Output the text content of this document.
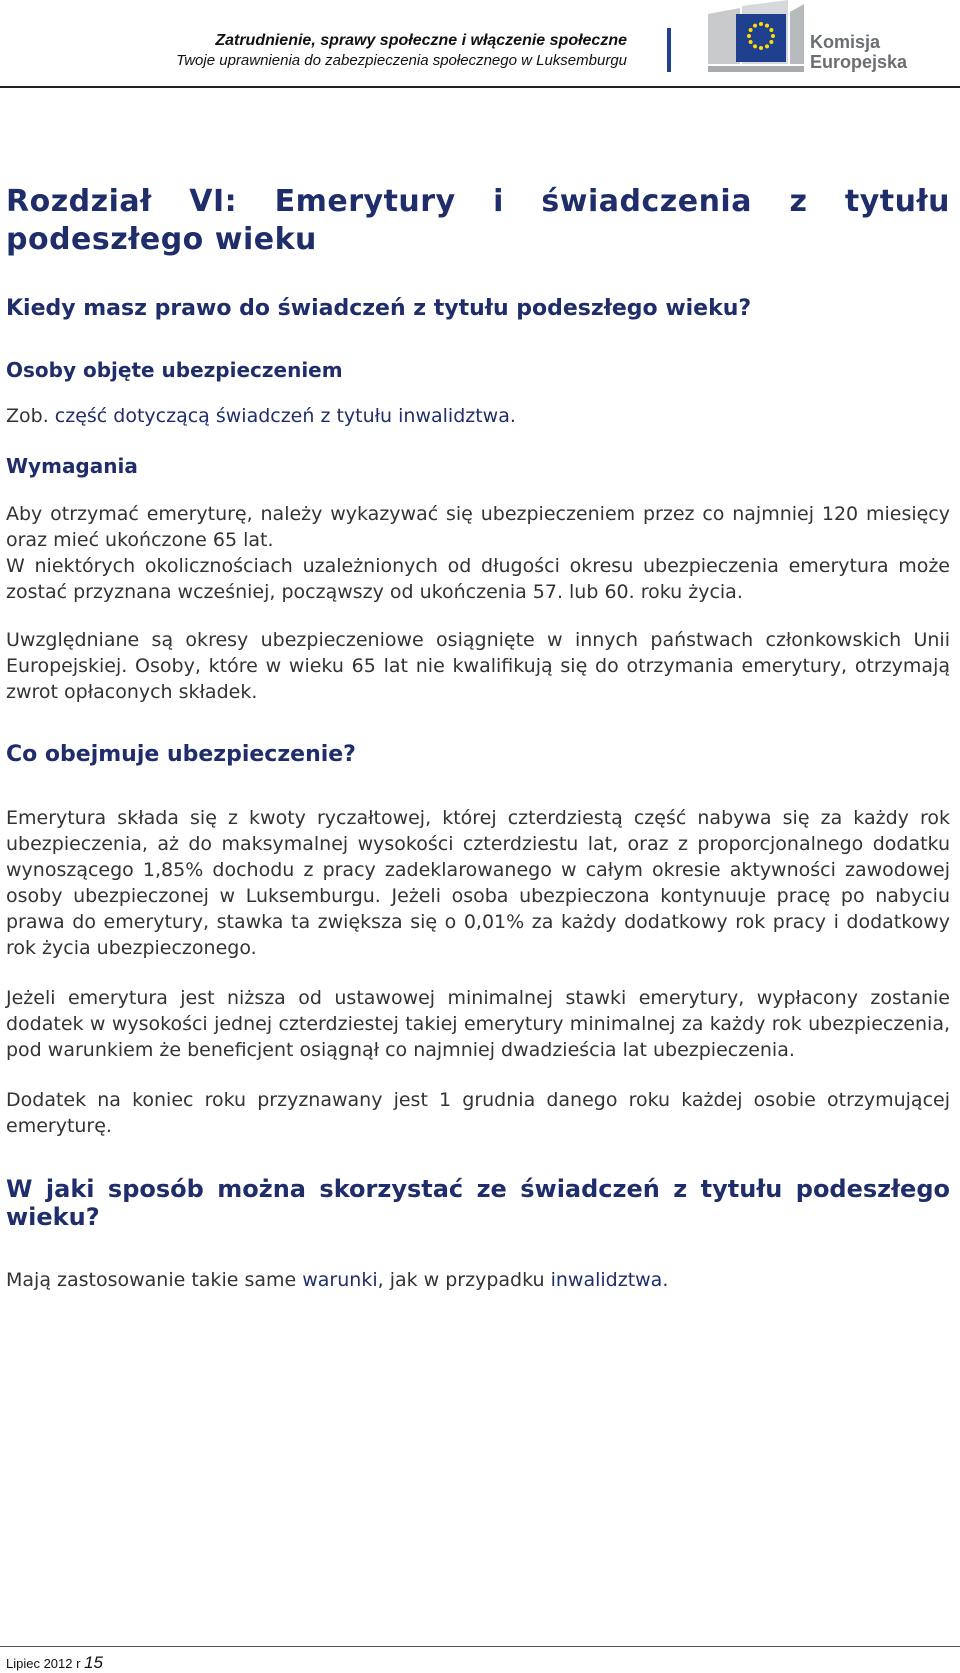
Zatrudnienie, sprawy społeczne i włączenie społeczne
Twoje uprawnienia do zabezpieczenia społecznego w Luksemburgu
Komisja
Europejska
Rozdział VI: Emerytury i świadczenia z tytułu podeszłego wieku
Kiedy masz prawo do świadczeń z tytułu podeszłego wieku?
Osoby objęte ubezpieczeniem

Zob. część dotyczącą świadczeń z tytułu inwalidztwa.

Wymagania

Aby otrzymać emeryturę, należy wykazywać się ubezpieczeniem przez co najmniej 120 miesięcy oraz mieć ukończone 65 lat.

W niektórych okolicznościach uzależnionych od długości okresu ubezpieczenia emerytura może zostać przyznana wcześniej, począwszy od ukończenia 57. lub 60. roku życia.

Uwzględniane są okresy ubezpieczeniowe osiągnięte w innych państwach członkowskich Unii Europejskiej. Osoby, które w wieku 65 lat nie kwalifikują się do otrzymania emerytury, otrzymają zwrot opłaconych składek.

Co obejmuje ubezpieczenie?

Emerytura składa się z kwoty ryczałtowej, której czterdziestą część nabywa się za każdy rok ubezpieczenia, aż do maksymalnej wysokości czterdziestu lat, oraz z proporcjonalnego dodatku wynoszącego 1,85% dochodu z pracy zadeklarowanego w całym okresie aktywności zawodowej osoby ubezpieczonej w Luksemburgu. Jeżeli osoba ubezpieczona kontynuuje pracę po nabyciu prawa do emerytury, stawka ta zwiększa się o 0,01% za każdy dodatkowy rok pracy i dodatkowy rok życia ubezpieczonego.

Jeżeli emerytura jest niższa od ustawowej minimalnej stawki emerytury, wypłacony zostanie dodatek w wysokości jednej czterdziestej takiej emerytury minimalnej za każdy rok ubezpieczenia, pod warunkiem że beneficjent osiągnął co najmniej dwadzieścia lat ubezpieczenia.

Dodatek na koniec roku przyznawany jest 1 grudnia danego roku każdej osobie otrzymującej emeryturę.

W jaki sposób można skorzystać ze świadczeń z tytułu podeszłego wieku?

Mają zastosowanie takie same warunki, jak w przypadku inwalidztwa.

Lipiec 2012 r 15
